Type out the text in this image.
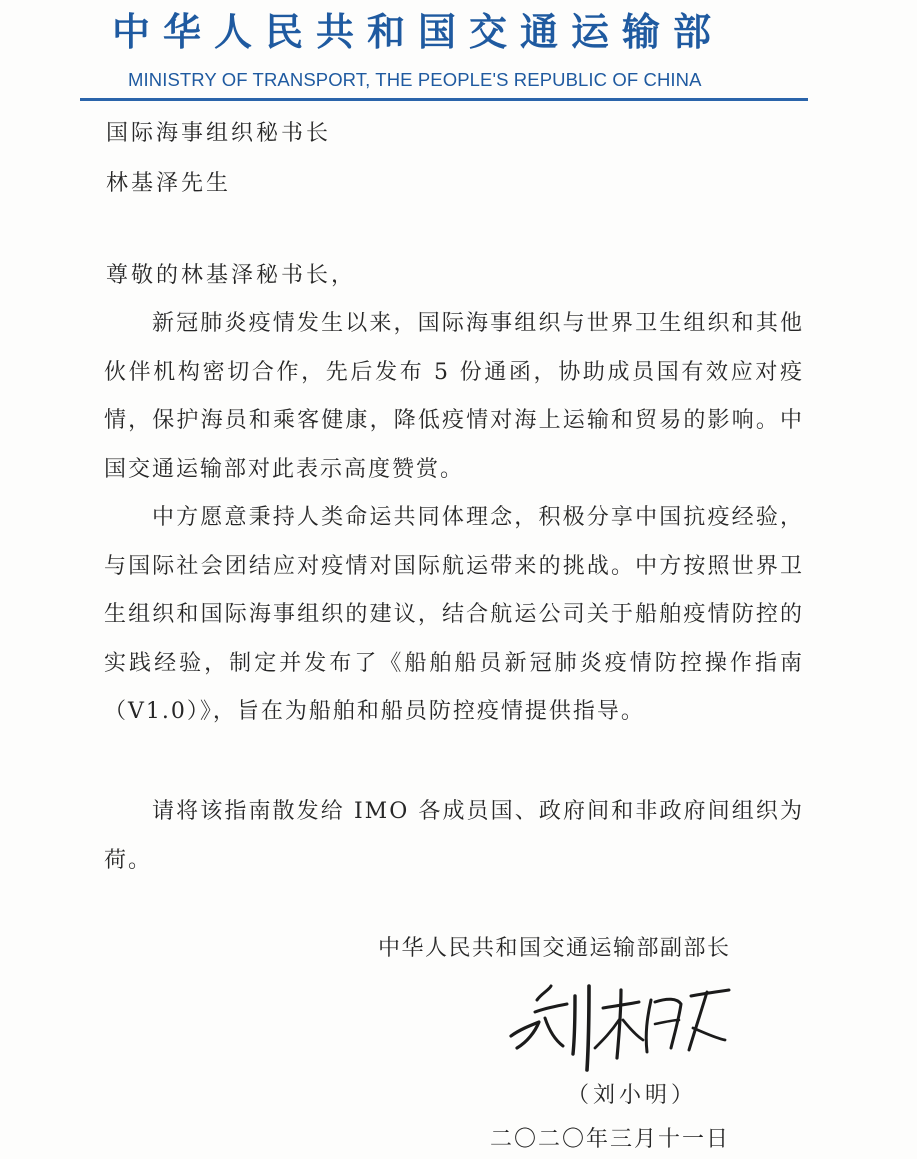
中华人民共和国交通运输部
MINISTRY OF TRANSPORT, THE PEOPLE'S REPUBLIC OF CHINA
国际海事组织秘书长
林基泽先生
尊敬的林基泽秘书长，
新冠肺炎疫情发生以来，国际海事组织与世界卫生组织和其他伙伴机构密切合作，先后发布 5 份通函，协助成员国有效应对疫情，保护海员和乘客健康，降低疫情对海上运输和贸易的影响。中国交通运输部对此表示高度赞赏。
中方愿意秉持人类命运共同体理念，积极分享中国抗疫经验，与国际社会团结应对疫情对国际航运带来的挑战。中方按照世界卫生组织和国际海事组织的建议，结合航运公司关于船舶疫情防控的实践经验，制定并发布了《船舶船员新冠肺炎疫情防控操作指南（V1.0）》，旨在为船舶和船员防控疫情提供指导。
请将该指南散发给 IMO 各成员国、政府间和非政府间组织为荷。
中华人民共和国交通运输部副部长
（刘小明）
二〇二〇年三月十一日
